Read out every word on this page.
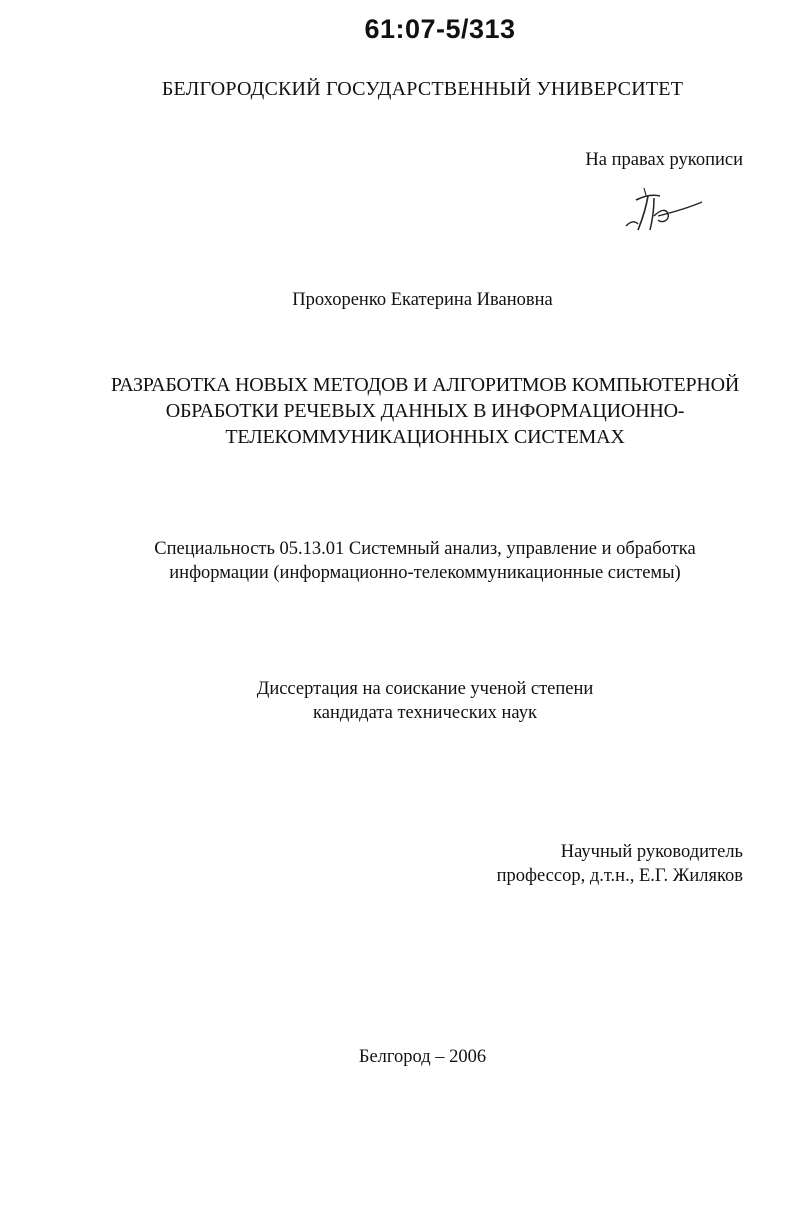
61:07-5/313
БЕЛГОРОДСКИЙ ГОСУДАРСТВЕННЫЙ УНИВЕРСИТЕТ
На правах рукописи
Прохоренко Екатерина Ивановна
РАЗРАБОТКА НОВЫХ МЕТОДОВ И АЛГОРИТМОВ КОМПЬЮТЕРНОЙ
ОБРАБОТКИ РЕЧЕВЫХ ДАННЫХ В ИНФОРМАЦИОННО-
ТЕЛЕКОММУНИКАЦИОННЫХ СИСТЕМАХ
Специальность 05.13.01 Системный анализ, управление и обработка
информации (информационно-телекоммуникационные системы)
Диссертация на соискание ученой степени
кандидата технических наук
Научный руководитель
профессор, д.т.н., Е.Г. Жиляков
Белгород – 2006
